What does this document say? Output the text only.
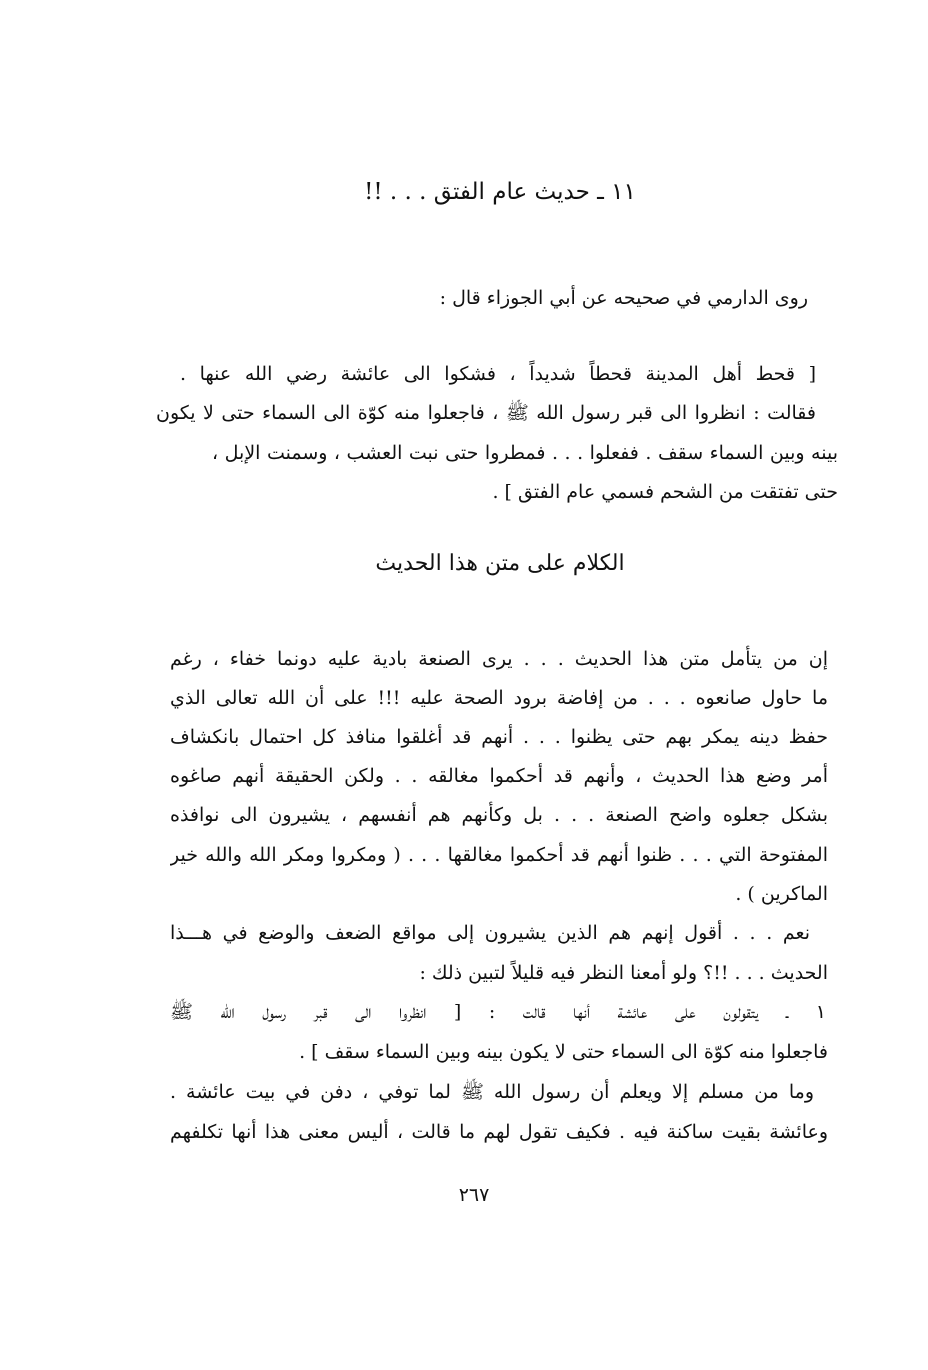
١١ ـ حديث عام الفتق . . . !!
روى الدارمي في صحيحه عن أبي الجوزاء قال :
[ قحط أهل المدينة قحطاً شديداً ، فشكوا الى عائشة رضي الله عنها .
فقالت : انظروا الى قبر رسول الله ﷺ ، فاجعلوا منه كوّة الى السماء حتى لا يكون
بينه وبين السماء سقف . ففعلوا . . . فمطروا حتى نبت العشب ، وسمنت الإبل ،
حتى تفتقت من الشحم فسمي عام الفتق ] .
الكلام على متن هذا الحديث
إن من يتأمل متن هذا الحديث . . . يرى الصنعة بادية عليه دونما خفاء ، رغم
ما حاول صانعوه . . . من إفاضة برود الصحة عليه !!! على أن الله تعالى الذي
حفظ دينه يمكر بهم حتى يظنوا . . . أنهم قد أغلقوا منافذ كل احتمال بانكشاف
أمر وضع هذا الحديث ، وأنهم قد أحكموا مغالقه . . ولكن الحقيقة أنهم صاغوه
بشكل جعلوه واضح الصنعة . . . بل وكأنهم هم أنفسهم ، يشيرون الى نوافذه
المفتوحة التي . . . ظنوا أنهم قد أحكموا مغالقها . . . ( ومكروا ومكر الله والله خير
الماكرين ) .
نعم . . . أقول إنهم هم الذين يشيرون إلى مواقع الضعف والوضع في هـــذا
الحديث . . . !!؟ ولو أمعنا النظر فيه قليلاً لتبين ذلك :
١ ـ يتقولون على عائشة أنها قالت : [ انظروا الى قبر رسول الله ﷺ
فاجعلوا منه كوّة الى السماء حتى لا يكون بينه وبين السماء سقف ] .
وما من مسلم إلا ويعلم أن رسول الله ﷺ لما توفي ، دفن في بيت عائشة .
وعائشة بقيت ساكنة فيه . فكيف تقول لهم ما قالت ، أليس معنى هذا أنها تكلفهم
٢٦٧
